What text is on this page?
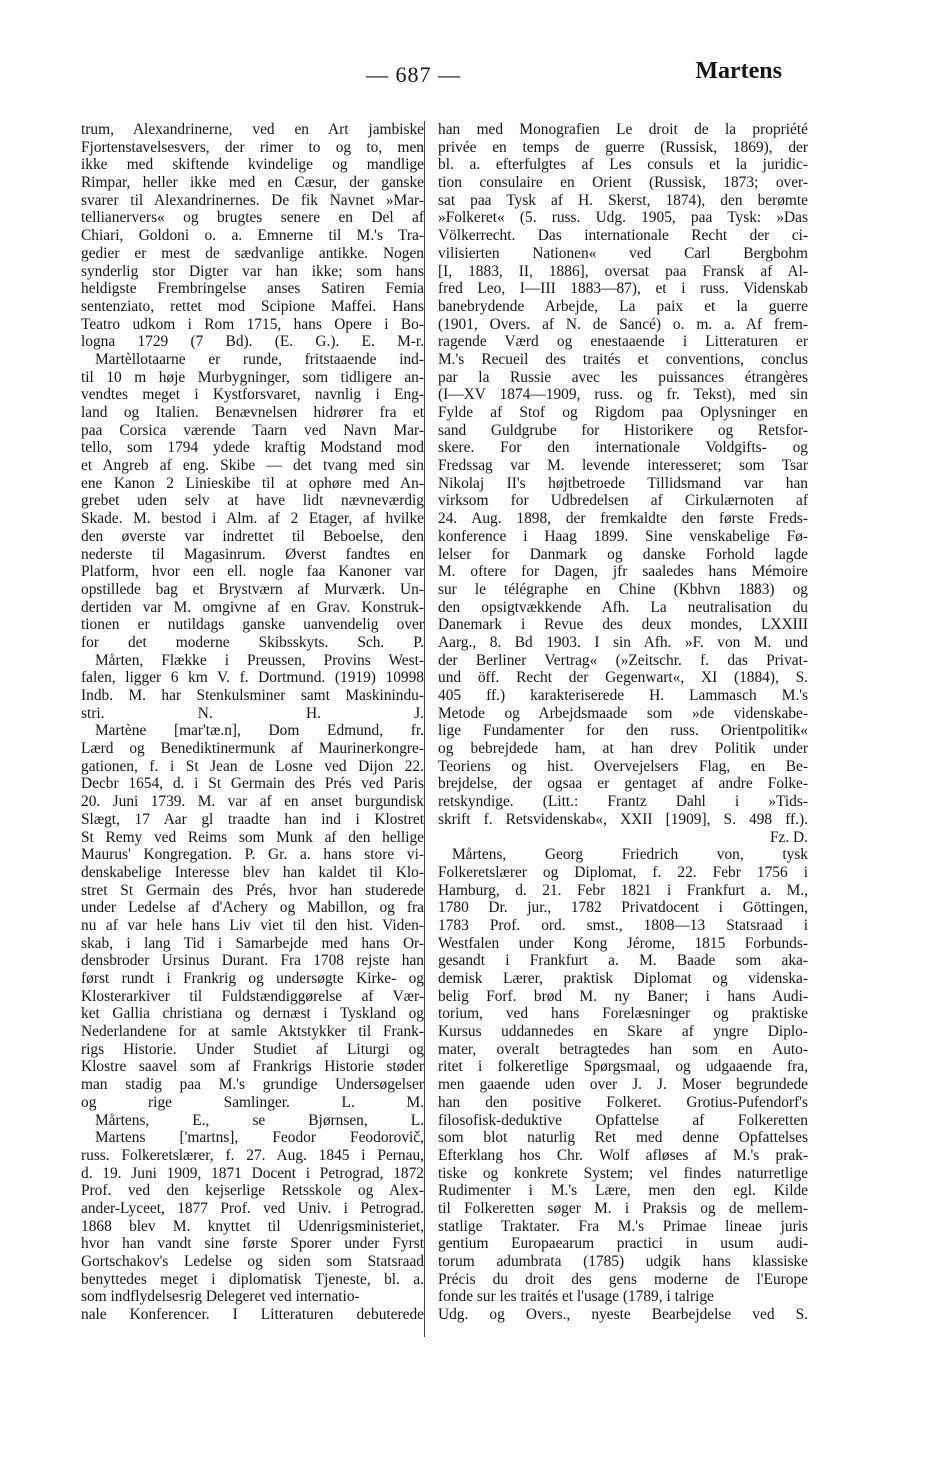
— 687 —	Martens
trum, Alexandrinerne, ved en Art jambiske
Fjortenstavelsesvers, der rimer to og to, men
ikke med skiftende kvindelige og mandlige
Rimpar, heller ikke med en Cæsur, der ganske
svarer til Alexandrinernes. De fik Navnet »Mar-
tellianervers« og brugtes senere en Del af
Chiari, Goldoni o. a. Emnerne til M.'s Tra-
gedier er mest de sædvanlige antikke. Nogen
synderlig stor Digter var han ikke; som hans
heldigste Frembringelse anses Satiren Femia
sentenziato, rettet mod Scipione Maffei. Hans
Teatro udkom i Rom 1715, hans Opere i Bo-
logna 1729 (7 Bd). (E. G.). E. M-r.
Martèllotaarne er runde, fritstaaende ind-
til 10 m høje Murbygninger, som tidligere an-
vendtes meget i Kystforsvaret, navnlig i Eng-
land og Italien. Benævnelsen hidrører fra et
paa Corsica værende Taarn ved Navn Mar-
tello, som 1794 ydede kraftig Modstand mod
et Angreb af eng. Skibe — det tvang med sin
ene Kanon 2 Linieskibe til at ophøre med An-
grebet uden selv at have lidt nævneværdig
Skade. M. bestod i Alm. af 2 Etager, af hvilke
den øverste var indrettet til Beboelse, den
nederste til Magasinrum. Øverst fandtes en
Platform, hvor een ell. nogle faa Kanoner var
opstillede bag et Brystværn af Murværk. Un-
dertiden var M. omgivne af en Grav. Konstruk-
tionen er nutildags ganske uanvendelig over
for det moderne Skibsskyts. Sch. P.
Mårten, Flække i Preussen, Provins West-
falen, ligger 6 km V. f. Dortmund. (1919) 10998
Indb. M. har Stenkulsminer samt Maskinindu-
stri. N. H. J.
Martène [mar'tæ.n], Dom Edmund, fr.
Lærd og Benediktinermunk af Maurinerkongre-
gationen, f. i St Jean de Losne ved Dijon 22.
Decbr 1654, d. i St Germain des Prés ved Paris
20. Juni 1739. M. var af en anset burgundisk
Slægt, 17 Aar gl traadte han ind i Klostret
St Remy ved Reims som Munk af den hellige
Maurus' Kongregation. P. Gr. a. hans store vi-
denskabelige Interesse blev han kaldet til Klo-
stret St Germain des Prés, hvor han studerede
under Ledelse af d'Achery og Mabillon, og fra
nu af var hele hans Liv viet til den hist. Viden-
skab, i lang Tid i Samarbejde med hans Or-
densbroder Ursinus Durant. Fra 1708 rejste han
først rundt i Frankrig og undersøgte Kirke- og
Klosterarkiver til Fuldstændiggørelse af Vær-
ket Gallia christiana og dernæst i Tyskland og
Nederlandene for at samle Aktstykker til Frank-
rigs Historie. Under Studiet af Liturgi og
Klostre saavel som af Frankrigs Historie støder
man stadig paa M.'s grundige Undersøgelser
og rige Samlinger. L. M.
Mårtens, E., se Bjørnsen, L.
Martens ['martns], Feodor Feodorovič,
russ. Folkeretslærer, f. 27. Aug. 1845 i Pernau,
d. 19. Juni 1909, 1871 Docent i Petrograd, 1872
Prof. ved den kejserlige Retsskole og Alex-
ander-Lyceet, 1877 Prof. ved Univ. i Petrograd.
1868 blev M. knyttet til Udenrigsministeriet,
hvor han vandt sine første Sporer under Fyrst
Gortschakov's Ledelse og siden som Statsraad
benyttedes meget i diplomatisk Tjeneste, bl. a.
som indflydelsesrig Delegeret ved internatio-
nale Konferencer. I Litteraturen debuterede
han med Monografien Le droit de la propriété
privée en temps de guerre (Russisk, 1869), der
bl. a. efterfulgtes af Les consuls et la juridic-
tion consulaire en Orient (Russisk, 1873; over-
sat paa Tysk af H. Skerst, 1874), den berømte
»Folkeret« (5. russ. Udg. 1905, paa Tysk: »Das
Völkerrecht. Das internationale Recht der ci-
vilisierten Nationen« ved Carl Bergbohm
[I, 1883, II, 1886], oversat paa Fransk af Al-
fred Leo, I—III 1883—87), et i russ. Videnskab
banebrydende Arbejde, La paix et la guerre
(1901, Overs. af N. de Sancé) o. m. a. Af frem-
ragende Værd og enestaaende i Litteraturen er
M.'s Recueil des traités et conventions, conclus
par la Russie avec les puissances étrangères
(I—XV 1874—1909, russ. og fr. Tekst), med sin
Fylde af Stof og Rigdom paa Oplysninger en
sand Guldgrube for Historikere og Retsfor-
skere. For den internationale Voldgifts- og
Fredssag var M. levende interesseret; som Tsar
Nikolaj II's højtbetroede Tillidsmand var han
virksom for Udbredelsen af Cirkulærnoten af
24. Aug. 1898, der fremkaldte den første Freds-
konference i Haag 1899. Sine venskabelige Fø-
lelser for Danmark og danske Forhold lagde
M. oftere for Dagen, jfr saaledes hans Mémoire
sur le télégraphe en Chine (Kbhvn 1883) og
den opsigtvækkende Afh. La neutralisation du
Danemark i Revue des deux mondes, LXXIII
Aarg., 8. Bd 1903. I sin Afh. »F. von M. und
der Berliner Vertrag« (»Zeitschr. f. das Privat-
und öff. Recht der Gegenwart«, XI (1884), S.
405 ff.) karakteriserede H. Lammasch M.'s
Metode og Arbejdsmaade som »de videnskabe-
lige Fundamenter for den russ. Orientpolitik«
og bebrejdede ham, at han drev Politik under
Teoriens og hist. Overvejelsers Flag, en Be-
brejdelse, der ogsaa er gentaget af andre Folke-
retskyndige. (Litt.: Frantz Dahl i »Tids-
skrift f. Retsvidenskab«, XXII [1909], S. 498 ff.).
Fz. D.
Mårtens, Georg Friedrich von, tysk
Folkeretslærer og Diplomat, f. 22. Febr 1756 i
Hamburg, d. 21. Febr 1821 i Frankfurt a. M.,
1780 Dr. jur., 1782 Privatdocent i Göttingen,
1783 Prof. ord. smst., 1808—13 Statsraad i
Westfalen under Kong Jérome, 1815 Forbunds-
gesandt i Frankfurt a. M. Baade som aka-
demisk Lærer, praktisk Diplomat og videnska-
belig Forf. brød M. ny Baner; i hans Audi-
torium, ved hans Forelæsninger og praktiske
Kursus uddannedes en Skare af yngre Diplo-
mater, overalt betragtedes han som en Auto-
ritet i folkeretlige Spørgsmaal, og udgaaende fra,
men gaaende uden over J. J. Moser begrundede
han den positive Folkeret. Grotius-Pufendorf's
filosofisk-deduktive Opfattelse af Folkeretten
som blot naturlig Ret med denne Opfattelses
Efterklang hos Chr. Wolf afløses af M.'s prak-
tiske og konkrete System; vel findes naturretlige
Rudimenter i M.'s Lære, men den egl. Kilde
til Folkeretten søger M. i Praksis og de mellem-
statlige Traktater. Fra M.'s Primae lineae juris
gentium Europaearum practici in usum audi-
torum adumbrata (1785) udgik hans klassiske
Précis du droit des gens moderne de l'Europe
fonde sur les traités et l'usage (1789, i talrige
Udg. og Overs., nyeste Bearbejdelse ved S.
